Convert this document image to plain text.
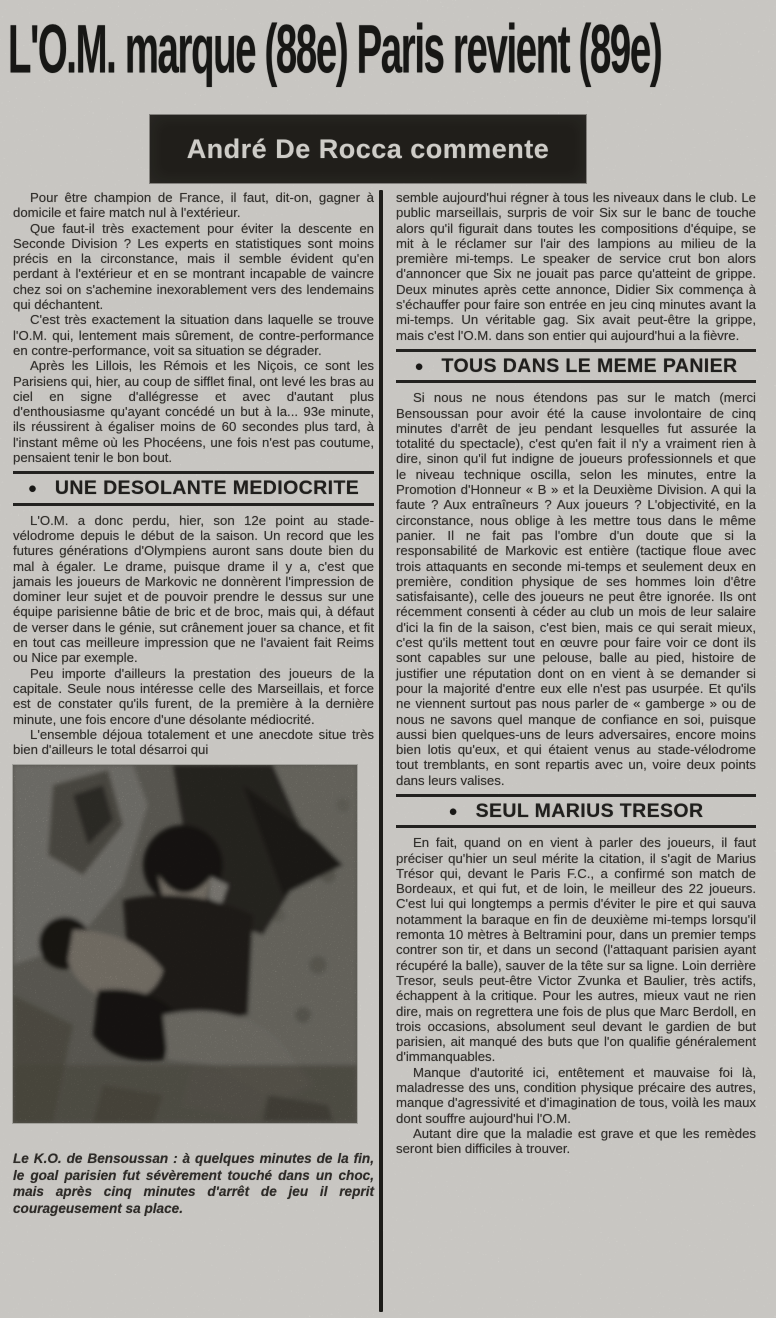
L'O.M. marque (88e) Paris revient (89e)
André De Rocca commente

Pour être champion de France, il faut, dit-on, gagner à domicile et faire match nul à l'extérieur.

Que faut-il très exactement pour éviter la descente en Seconde Division ? Les experts en statistiques sont moins précis en la circonstance, mais il semble évident qu'en perdant à l'extérieur et en se montrant incapable de vaincre chez soi on s'achemine inexorablement vers des lendemains qui déchantent.

C'est très exactement la situation dans laquelle se trouve l'O.M. qui, lentement mais sûrement, de contre-performance en contre-performance, voit sa situation se dégrader.

Après les Lillois, les Rémois et les Niçois, ce sont les Parisiens qui, hier, au coup de sifflet final, ont levé les bras au ciel en signe d'allégresse et avec d'autant plus d'enthousiasme qu'ayant concédé un but à la... 93e minute, ils réussirent à égaliser moins de 60 secondes plus tard, à l'instant même où les Phocéens, une fois n'est pas coutume, pensaient tenir le bon bout.

● UNE DESOLANTE MEDIOCRITE

L'O.M. a donc perdu, hier, son 12e point au stade-vélodrome depuis le début de la saison. Un record que les futures générations d'Olympiens auront sans doute bien du mal à égaler. Le drame, puisque drame il y a, c'est que jamais les joueurs de Markovic ne donnèrent l'impression de dominer leur sujet et de pouvoir prendre le dessus sur une équipe parisienne bâtie de bric et de broc, mais qui, à défaut de verser dans le génie, sut crânement jouer sa chance, et fit en tout cas meilleure impression que ne l'avaient fait Reims ou Nice par exemple.

Peu importe d'ailleurs la prestation des joueurs de la capitale. Seule nous intéresse celle des Marseillais, et force est de constater qu'ils furent, de la première à la dernière minute, une fois encore d'une désolante médiocrité.

L'ensemble déjoua totalement et une anecdote situe très bien d'ailleurs le total désarroi qui

Le K.O. de Bensoussan : à quelques minutes de la fin, le goal parisien fut sévèrement touché dans un choc, mais après cinq minutes d'arrêt de jeu il reprit courageusement sa place.

semble aujourd'hui régner à tous les niveaux dans le club. Le public marseillais, surpris de voir Six sur le banc de touche alors qu'il figurait dans toutes les compositions d'équipe, se mit à le réclamer sur l'air des lampions au milieu de la première mi-temps. Le speaker de service crut bon alors d'annoncer que Six ne jouait pas parce qu'atteint de grippe. Deux minutes après cette annonce, Didier Six commença à s'échauffer pour faire son entrée en jeu cinq minutes avant la mi-temps. Un véritable gag. Six avait peut-être la grippe, mais c'est l'O.M. dans son entier qui aujourd'hui a la fièvre.

● TOUS DANS LE MEME PANIER

Si nous ne nous étendons pas sur le match (merci Bensoussan pour avoir été la cause involontaire de cinq minutes d'arrêt de jeu pendant lesquelles fut assurée la totalité du spectacle), c'est qu'en fait il n'y a vraiment rien à dire, sinon qu'il fut indigne de joueurs professionnels et que le niveau technique oscilla, selon les minutes, entre la Promotion d'Honneur « B » et la Deuxième Division. A qui la faute ? Aux entraîneurs ? Aux joueurs ? L'objectivité, en la circonstance, nous oblige à les mettre tous dans le même panier. Il ne fait pas l'ombre d'un doute que si la responsabilité de Markovic est entière (tactique floue avec trois attaquants en seconde mi-temps et seulement deux en première, condition physique de ses hommes loin d'être satisfaisante), celle des joueurs ne peut être ignorée. Ils ont récemment consenti à céder au club un mois de leur salaire d'ici la fin de la saison, c'est bien, mais ce qui serait mieux, c'est qu'ils mettent tout en œuvre pour faire voir ce dont ils sont capables sur une pelouse, balle au pied, histoire de justifier une réputation dont on en vient à se demander si pour la majorité d'entre eux elle n'est pas usurpée. Et qu'ils ne viennent surtout pas nous parler de « gamberge » ou de nous ne savons quel manque de confiance en soi, puisque aussi bien quelques-uns de leurs adversaires, encore moins bien lotis qu'eux, et qui étaient venus au stade-vélodrome tout tremblants, en sont repartis avec un, voire deux points dans leurs valises.

● SEUL MARIUS TRESOR

En fait, quand on en vient à parler des joueurs, il faut préciser qu'hier un seul mérite la citation, il s'agit de Marius Trésor qui, devant le Paris F.C., a confirmé son match de Bordeaux, et qui fut, et de loin, le meilleur des 22 joueurs. C'est lui qui longtemps a permis d'éviter le pire et qui sauva notamment la baraque en fin de deuxième mi-temps lorsqu'il remonta 10 mètres à Beltramini pour, dans un premier temps contrer son tir, et dans un second (l'attaquant parisien ayant récupéré la balle), sauver de la tête sur sa ligne. Loin derrière Tresor, seuls peut-être Victor Zvunka et Baulier, très actifs, échappent à la critique. Pour les autres, mieux vaut ne rien dire, mais on regrettera une fois de plus que Marc Berdoll, en trois occasions, absolument seul devant le gardien de but parisien, ait manqué des buts que l'on qualifie généralement d'immanquables.

Manque d'autorité ici, entêtement et mauvaise foi là, maladresse des uns, condition physique précaire des autres, manque d'agressivité et d'imagination de tous, voilà les maux dont souffre aujourd'hui l'O.M.

Autant dire que la maladie est grave et que les remèdes seront bien difficiles à trouver.
